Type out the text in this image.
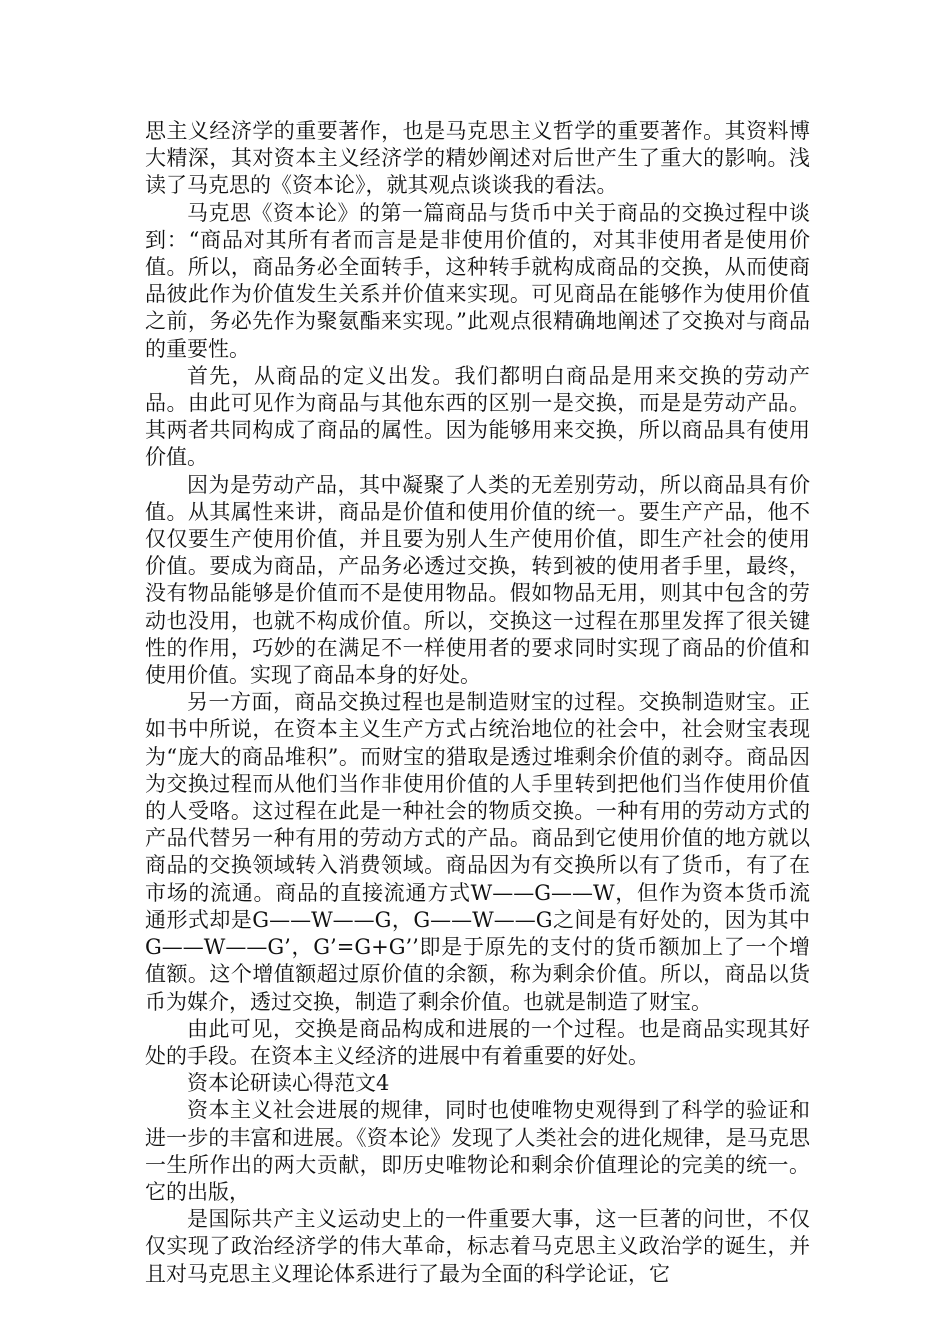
思主义经济学的重要著作，也是马克思主义哲学的重要著作。其资料博大精深，其对资本主义经济学的精妙阐述对后世产生了重大的影响。浅读了马克思的《资本论》，就其观点谈谈我的看法。

马克思《资本论》的第一篇商品与货币中关于商品的交换过程中谈到：“商品对其所有者而言是是非使用价值的，对其非使用者是使用价值。所以，商品务必全面转手，这种转手就构成商品的交换，从而使商品彼此作为价值发生关系并价值来实现。可见商品在能够作为使用价值之前，务必先作为聚氨酯来实现。”此观点很精确地阐述了交换对与商品的重要性。

首先，从商品的定义出发。我们都明白商品是用来交换的劳动产品。由此可见作为商品与其他东西的区别一是交换，而是是劳动产品。其两者共同构成了商品的属性。因为能够用来交换，所以商品具有使用价值。

因为是劳动产品，其中凝聚了人类的无差别劳动，所以商品具有价值。从其属性来讲，商品是价值和使用价值的统一。要生产产品，他不仅仅要生产使用价值，并且要为别人生产使用价值，即生产社会的使用价值。要成为商品，产品务必透过交换，转到被的使用者手里，最终，没有物品能够是价值而不是使用物品。假如物品无用，则其中包含的劳动也没用，也就不构成价值。所以，交换这一过程在那里发挥了很关键性的作用，巧妙的在满足不一样使用者的要求同时实现了商品的价值和使用价值。实现了商品本身的好处。

另一方面，商品交换过程也是制造财宝的过程。交换制造财宝。正如书中所说，在资本主义生产方式占统治地位的社会中，社会财宝表现为“庞大的商品堆积”。而财宝的猎取是透过堆剩余价值的剥夺。商品因为交换过程而从他们当作非使用价值的人手里转到把他们当作使用价值的人受咯。这过程在此是一种社会的物质交换。一种有用的劳动方式的产品代替另一种有用的劳动方式的产品。商品到它使用价值的地方就以商品的交换领域转入消费领域。商品因为有交换所以有了货币，有了在市场的流通。商品的直接流通方式W——G——W，但作为资本货币流通形式却是G——W——G，G——W——G之间是有好处的，因为其中G——W——G’，G’=G+G’’即是于原先的支付的货币额加上了一个增值额。这个增值额超过原价值的余额，称为剩余价值。所以，商品以货币为媒介，透过交换，制造了剩余价值。也就是制造了财宝。

由此可见，交换是商品构成和进展的一个过程。也是商品实现其好处的手段。在资本主义经济的进展中有着重要的好处。

资本论研读心得范文4

资本主义社会进展的规律，同时也使唯物史观得到了科学的验证和进一步的丰富和进展。《资本论》发现了人类社会的进化规律，是马克思一生所作出的两大贡献，即历史唯物论和剩余价值理论的完美的统一。它的出版，

是国际共产主义运动史上的一件重要大事，这一巨著的问世，不仅仅实现了政治经济学的伟大革命，标志着马克思主义政治学的诞生，并且对马克思主义理论体系进行了最为全面的科学论证，它
